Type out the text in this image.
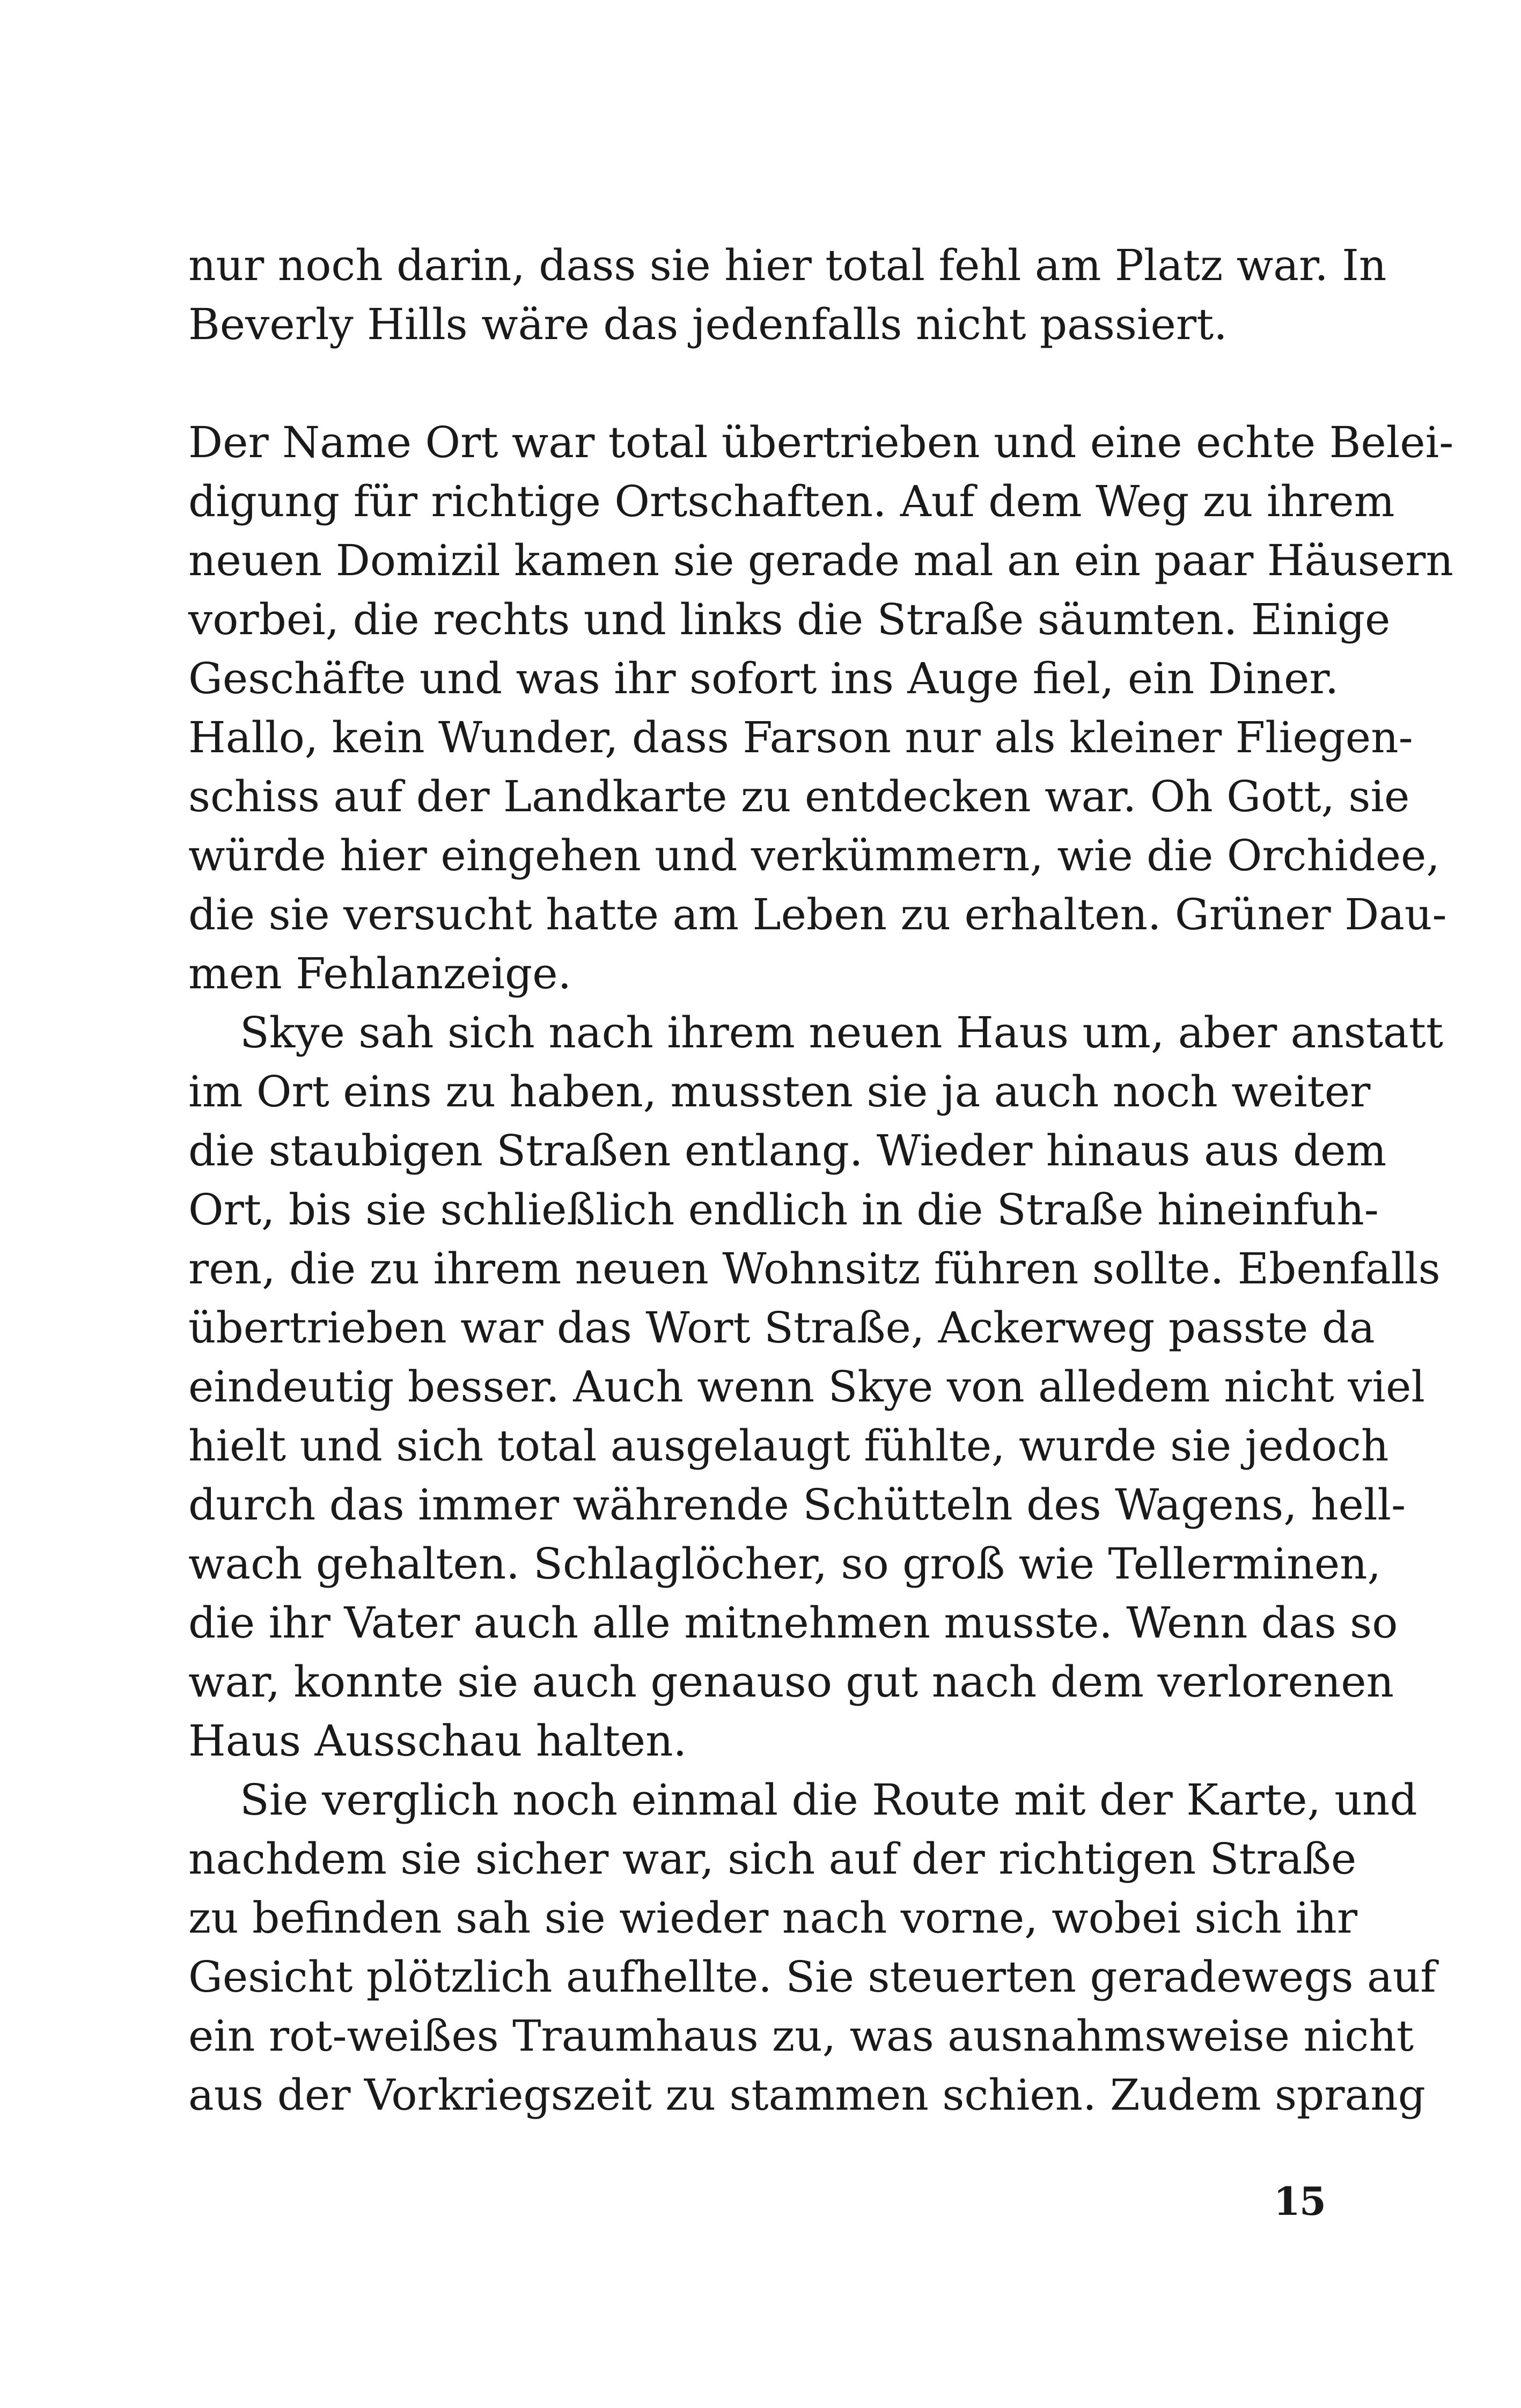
nur noch darin, dass sie hier total fehl am Platz war. In
Beverly Hills wäre das jedenfalls nicht passiert.
Der Name Ort war total übertrieben und eine echte Belei-
digung für richtige Ortschaften. Auf dem Weg zu ihrem
neuen Domizil kamen sie gerade mal an ein paar Häusern
vorbei, die rechts und links die Straße säumten. Einige
Geschäfte und was ihr sofort ins Auge fiel, ein Diner.
Hallo, kein Wunder, dass Farson nur als kleiner Fliegen-
schiss auf der Landkarte zu entdecken war. Oh Gott, sie
würde hier eingehen und verkümmern, wie die Orchidee,
die sie versucht hatte am Leben zu erhalten. Grüner Dau-
men Fehlanzeige.
Skye sah sich nach ihrem neuen Haus um, aber anstatt
im Ort eins zu haben, mussten sie ja auch noch weiter
die staubigen Straßen entlang. Wieder hinaus aus dem
Ort, bis sie schließlich endlich in die Straße hineinfuh-
ren, die zu ihrem neuen Wohnsitz führen sollte. Ebenfalls
übertrieben war das Wort Straße, Ackerweg passte da
eindeutig besser. Auch wenn Skye von alledem nicht viel
hielt und sich total ausgelaugt fühlte, wurde sie jedoch
durch das immer währende Schütteln des Wagens, hell-
wach gehalten. Schlaglöcher, so groß wie Tellerminen,
die ihr Vater auch alle mitnehmen musste. Wenn das so
war, konnte sie auch genauso gut nach dem verlorenen
Haus Ausschau halten.
Sie verglich noch einmal die Route mit der Karte, und
nachdem sie sicher war, sich auf der richtigen Straße
zu befinden sah sie wieder nach vorne, wobei sich ihr
Gesicht plötzlich aufhellte. Sie steuerten geradewegs auf
ein rot-weißes Traumhaus zu, was ausnahmsweise nicht
aus der Vorkriegszeit zu stammen schien. Zudem sprang
15
